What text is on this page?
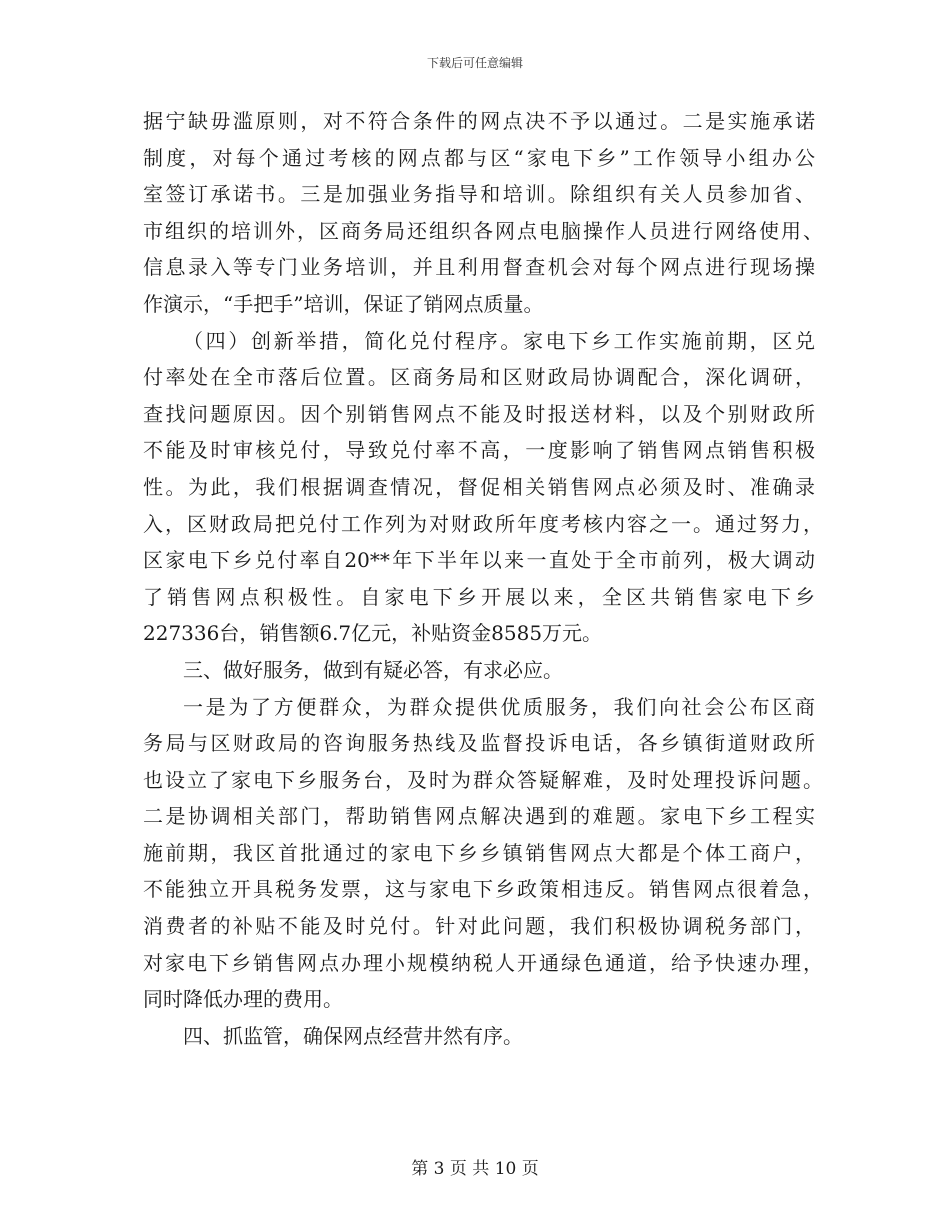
下载后可任意编辑
据宁缺毋滥原则，对不符合条件的网点决不予以通过。二是实施承诺
制度，对每个通过考核的网点都与区“家电下乡”工作领导小组办公
室签订承诺书。三是加强业务指导和培训。除组织有关人员参加省、
市组织的培训外，区商务局还组织各网点电脑操作人员进行网络使用、
信息录入等专门业务培训，并且利用督查机会对每个网点进行现场操
作演示，“手把手”培训，保证了销网点质量。
（四）创新举措，简化兑付程序。家电下乡工作实施前期，区兑
付率处在全市落后位置。区商务局和区财政局协调配合，深化调研，
查找问题原因。因个别销售网点不能及时报送材料，以及个别财政所
不能及时审核兑付，导致兑付率不高，一度影响了销售网点销售积极
性。为此，我们根据调查情况，督促相关销售网点必须及时、准确录
入，区财政局把兑付工作列为对财政所年度考核内容之一。通过努力，
区家电下乡兑付率自20**年下半年以来一直处于全市前列，极大调动
了销售网点积极性。自家电下乡开展以来，全区共销售家电下乡
227336台，销售额6.7亿元，补贴资金8585万元。
三、做好服务，做到有疑必答，有求必应。
一是为了方便群众，为群众提供优质服务，我们向社会公布区商
务局与区财政局的咨询服务热线及监督投诉电话，各乡镇街道财政所
也设立了家电下乡服务台，及时为群众答疑解难，及时处理投诉问题。
二是协调相关部门，帮助销售网点解决遇到的难题。家电下乡工程实
施前期，我区首批通过的家电下乡乡镇销售网点大都是个体工商户，
不能独立开具税务发票，这与家电下乡政策相违反。销售网点很着急，
消费者的补贴不能及时兑付。针对此问题，我们积极协调税务部门，
对家电下乡销售网点办理小规模纳税人开通绿色通道，给予快速办理，
同时降低办理的费用。
四、抓监管，确保网点经营井然有序。
第 3 页 共 10 页
